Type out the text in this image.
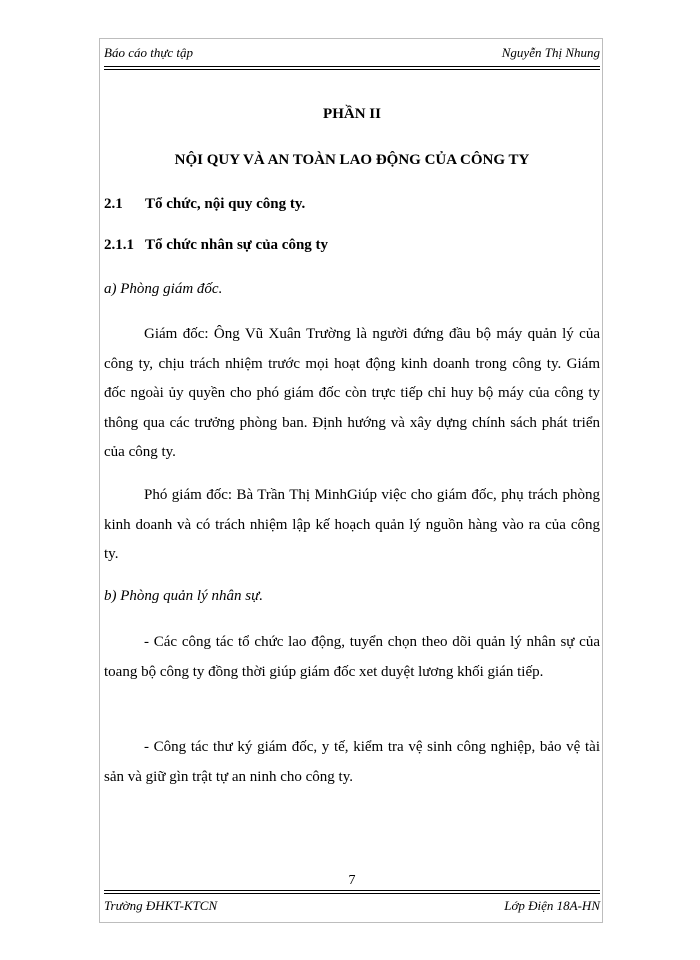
Báo cáo thực tập	Nguyễn Thị Nhung
PHẦN II
NỘI QUY VÀ AN TOÀN LAO ĐỘNG CỦA CÔNG TY
2.1	Tổ chức, nội quy công ty.
2.1.1 Tổ chức nhân sự của công ty
a) Phòng giám đốc.

Giám đốc: Ông Vũ Xuân Trường là người đứng đầu bộ máy quản lý của công ty, chịu trách nhiệm trước mọi hoạt động kinh doanh trong công ty. Giám đốc ngoài ủy quyền cho phó giám đốc còn trực tiếp chỉ huy bộ máy của công ty thông qua các trưởng phòng ban. Định hướng và xây dựng chính sách phát triển của công ty.

Phó giám đốc: Bà Trần Thị MinhGiúp việc cho giám đốc, phụ trách phòng kinh doanh và có trách nhiệm lập kế hoạch quản lý nguồn hàng vào ra của công ty.

b) Phòng quản lý nhân sự.

- Các công tác tổ chức lao động, tuyển chọn theo dõi quản lý nhân sự của toang bộ công ty đồng thời giúp giám đốc xet duyệt lương khối gián tiếp.

- Công tác thư ký giám đốc, y tế, kiểm tra vệ sinh công nghiệp, bảo vệ tài sản và giữ gìn trật tự an ninh cho công ty.

7
Trường ĐHKT-KTCN	Lớp Điện 18A-HN
